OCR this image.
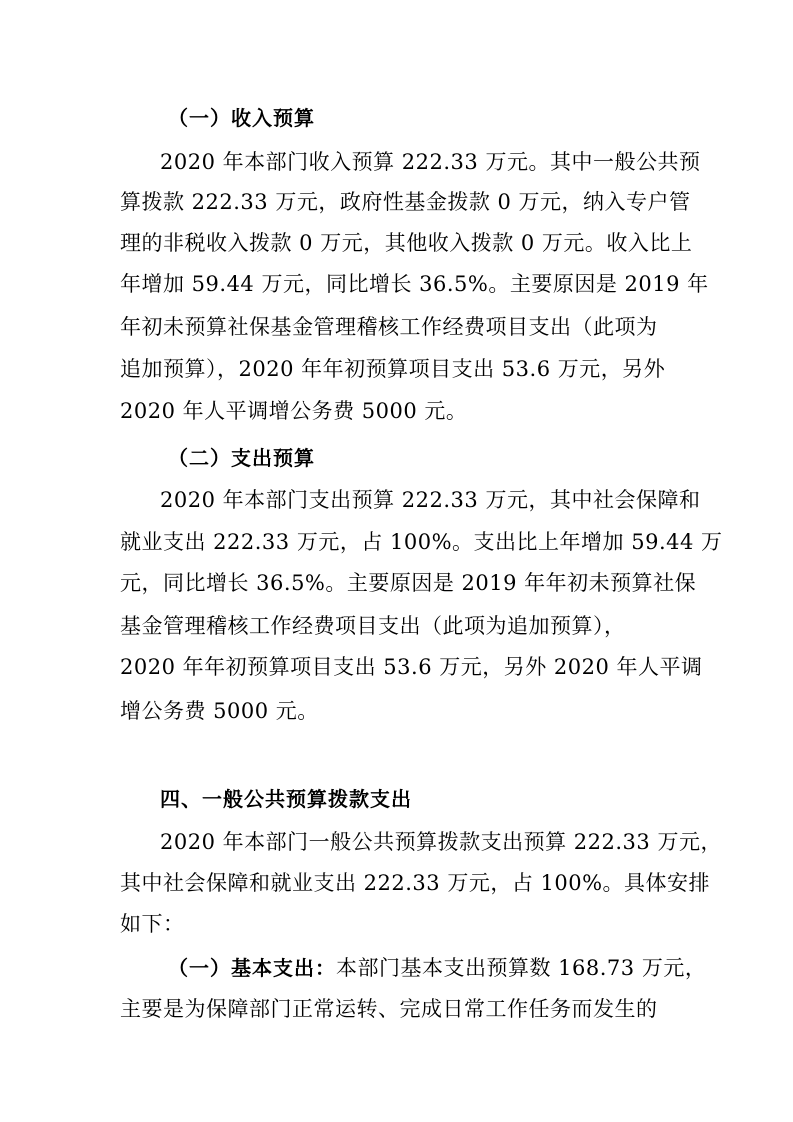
（一）收入预算
2020 年本部门收入预算 222.33 万元。其中一般公共预
算拨款 222.33 万元，政府性基金拨款 0 万元，纳入专户管
理的非税收入拨款 0 万元，其他收入拨款 0 万元。收入比上
年增加 59.44 万元，同比增长 36.5%。主要原因是 2019 年
年初未预算社保基金管理稽核工作经费项目支出（此项为
追加预算），2020 年年初预算项目支出 53.6 万元，另外
2020 年人平调增公务费 5000 元。
（二）支出预算
2020 年本部门支出预算 222.33 万元，其中社会保障和
就业支出 222.33 万元，占 100%。支出比上年增加 59.44 万
元，同比增长 36.5%。主要原因是 2019 年年初未预算社保
基金管理稽核工作经费项目支出（此项为追加预算），
2020 年年初预算项目支出 53.6 万元，另外 2020 年人平调
增公务费 5000 元。
四、一般公共预算拨款支出
2020 年本部门一般公共预算拨款支出预算 222.33 万元，
其中社会保障和就业支出 222.33 万元，占 100%。具体安排
如下：
（一）基本支出：本部门基本支出预算数 168.73 万元，
主要是为保障部门正常运转、完成日常工作任务而发生的
